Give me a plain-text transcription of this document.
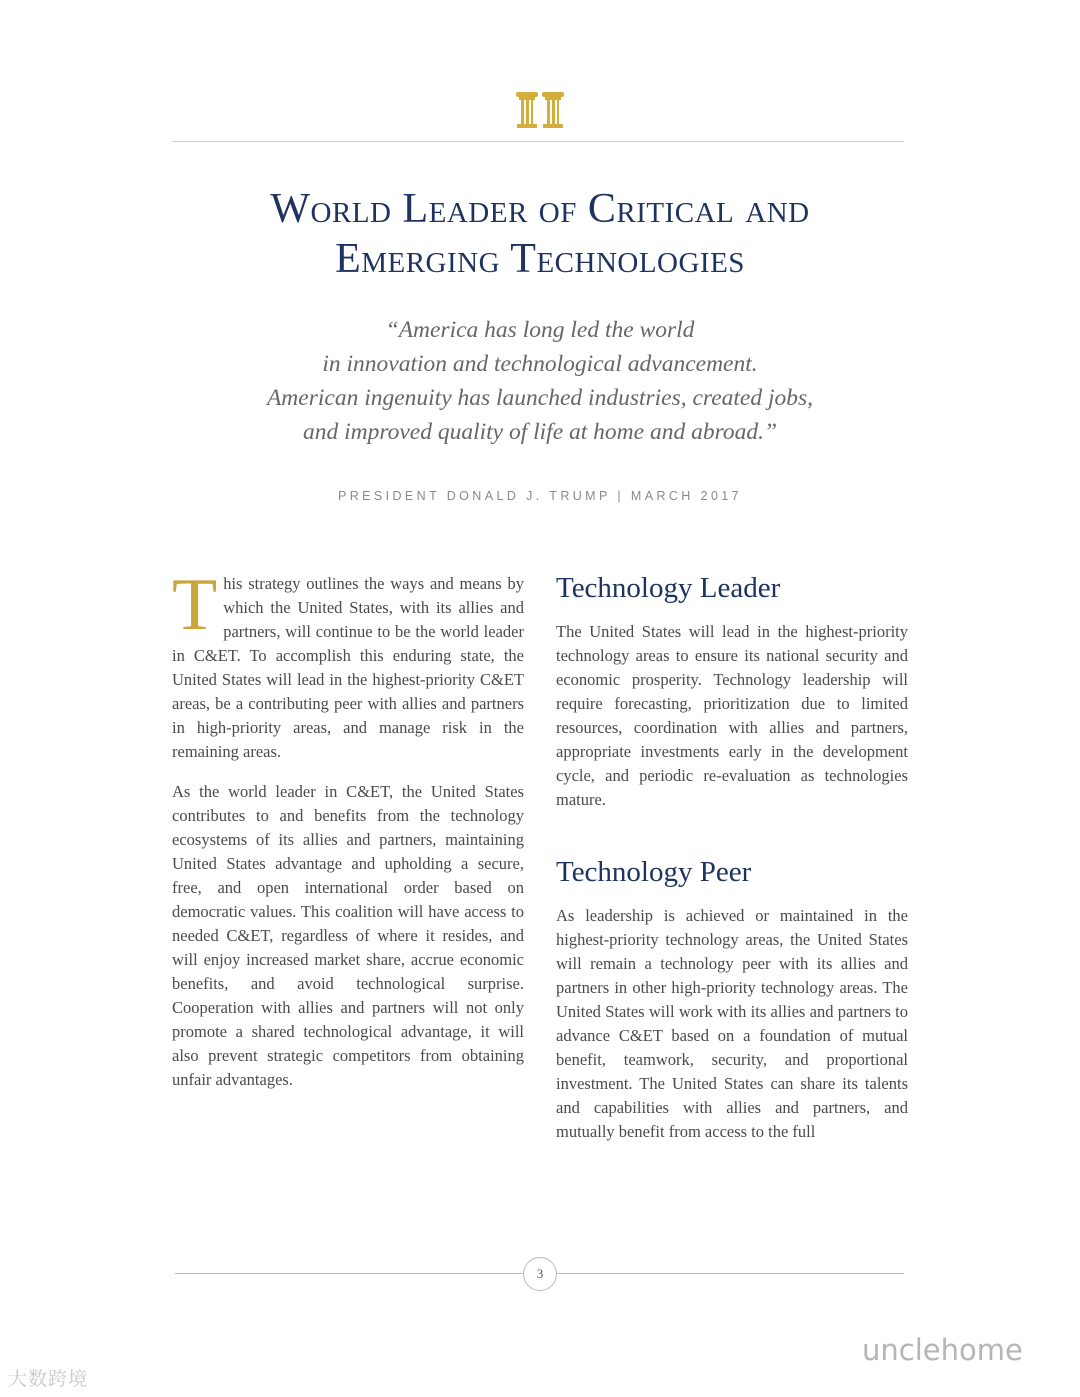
World Leader of Critical and
Emerging Technologies
“America has long led the world
in innovation and technological advancement.
American ingenuity has launched industries, created jobs,
and improved quality of life at home and abroad.”
PRESIDENT DONALD J. TRUMP | MARCH 2017

This strategy outlines the ways and means by which the United States, with its allies and partners, will continue to be the world leader in C&ET. To accomplish this enduring state, the United States will lead in the highest-priority C&ET areas, be a contributing peer with allies and partners in high-priority areas, and manage risk in the remaining areas.

As the world leader in C&ET, the United States contributes to and benefits from the technology ecosystems of its allies and partners, maintaining United States advantage and upholding a secure, free, and open international order based on democratic values. This coalition will have access to needed C&ET, regardless of where it resides, and will enjoy increased market share, accrue economic benefits, and avoid technological surprise. Cooperation with allies and partners will not only promote a shared technological advantage, it will also prevent strategic competitors from obtaining unfair advantages.

Technology Leader

The United States will lead in the highest-priority technology areas to ensure its national security and economic prosperity. Technology leadership will require forecasting, prioritization due to limited resources, coordination with allies and partners, appropriate investments early in the development cycle, and periodic re-evaluation as technologies mature.

Technology Peer

As leadership is achieved or maintained in the highest-priority technology areas, the United States will remain a technology peer with its allies and partners in other high-priority technology areas. The United States will work with its allies and partners to advance C&ET based on a foundation of mutual benefit, teamwork, security, and proportional investment. The United States can share its talents and capabilities with allies and partners, and mutually benefit from access to the full

3
大数跨境
unclehome
